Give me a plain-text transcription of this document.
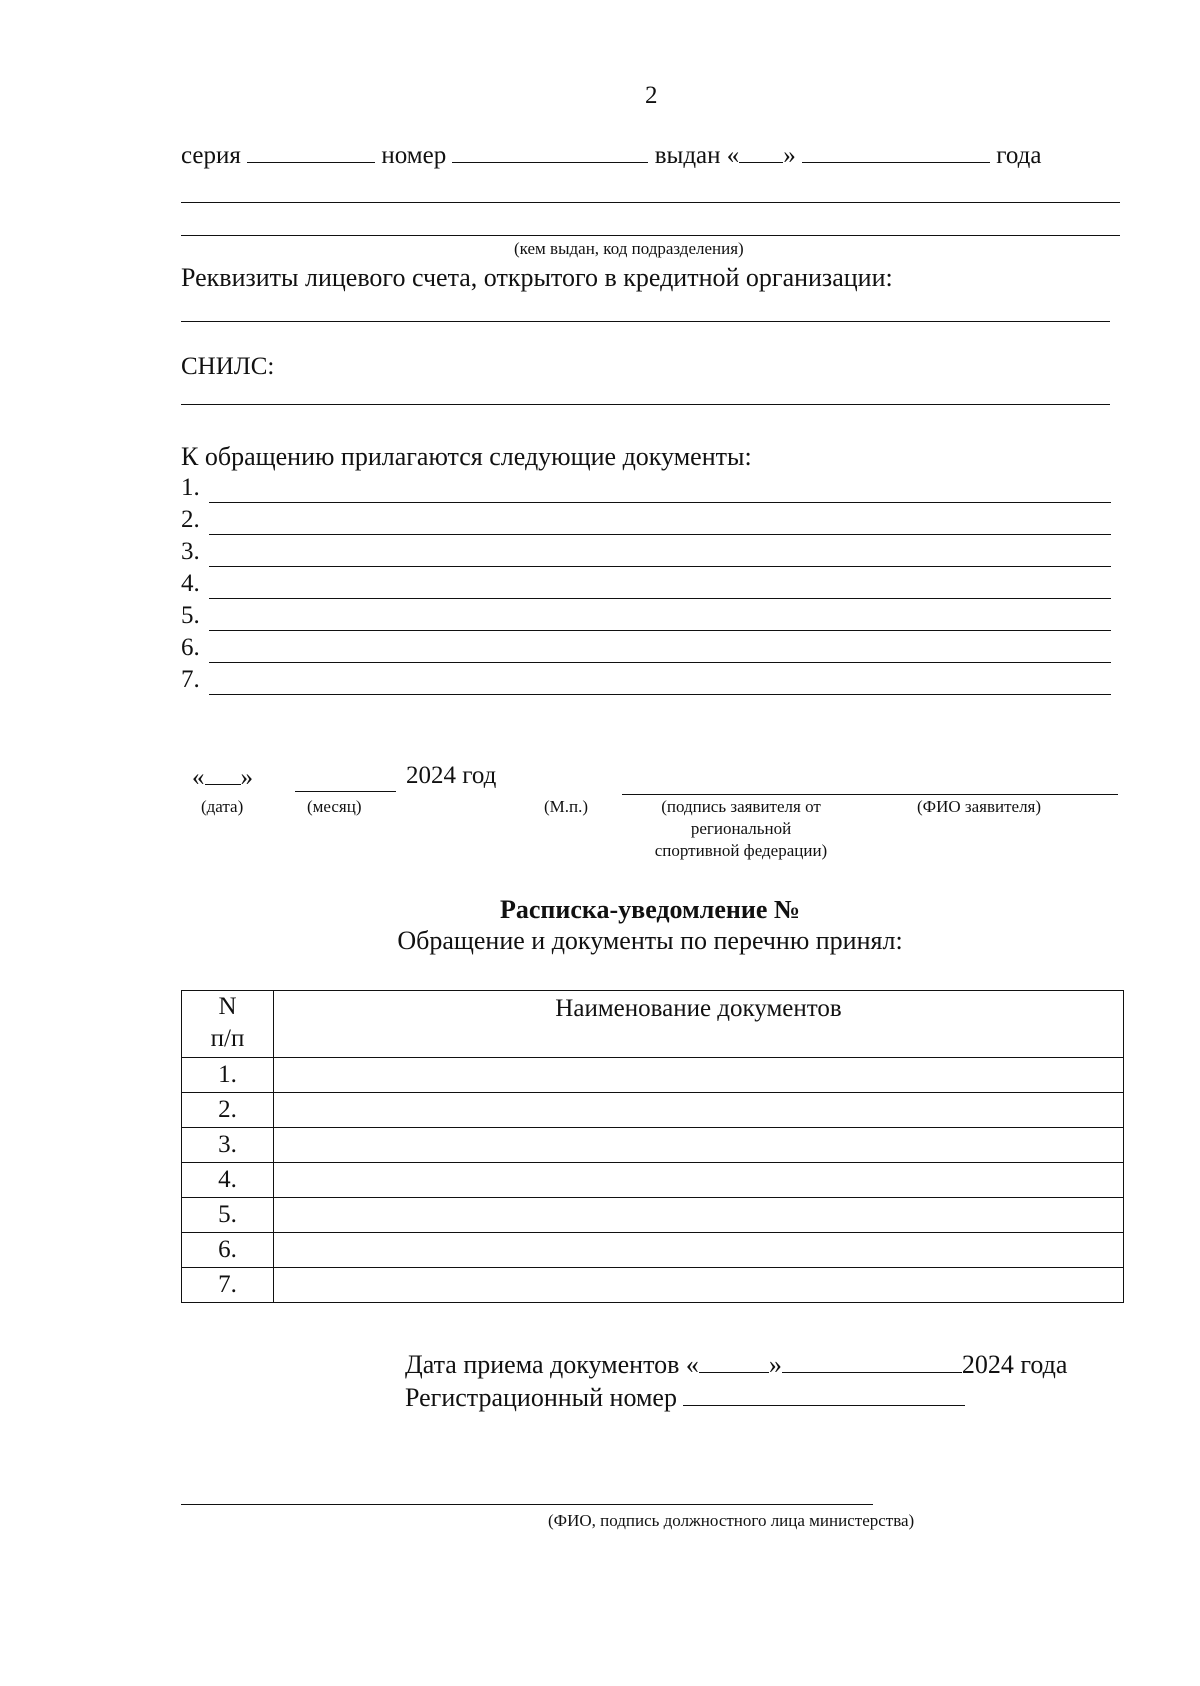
2
серия	номер	выдан « »	года
(кем выдан, код подразделения)
Реквизиты лицевого счета, открытого в кредитной организации:
СНИЛС:
К обращению прилагаются следующие документы:
1.
2.
3.
4.
5.
6.
7.
« »	2024 год
(дата)	(месяц)	(М.п.)	(подпись заявителя от
региональной
спортивной федерации)
(ФИО заявителя)
Расписка-уведомление №
Обращение и документы по перечню принял:
N
п/п	Наименование документов
1.	
2.	
3.	
4.	
5.	
6.	
7.	
Дата приема документов «	»	2024 года
Регистрационный номер
(ФИО, подпись должностного лица министерства)
